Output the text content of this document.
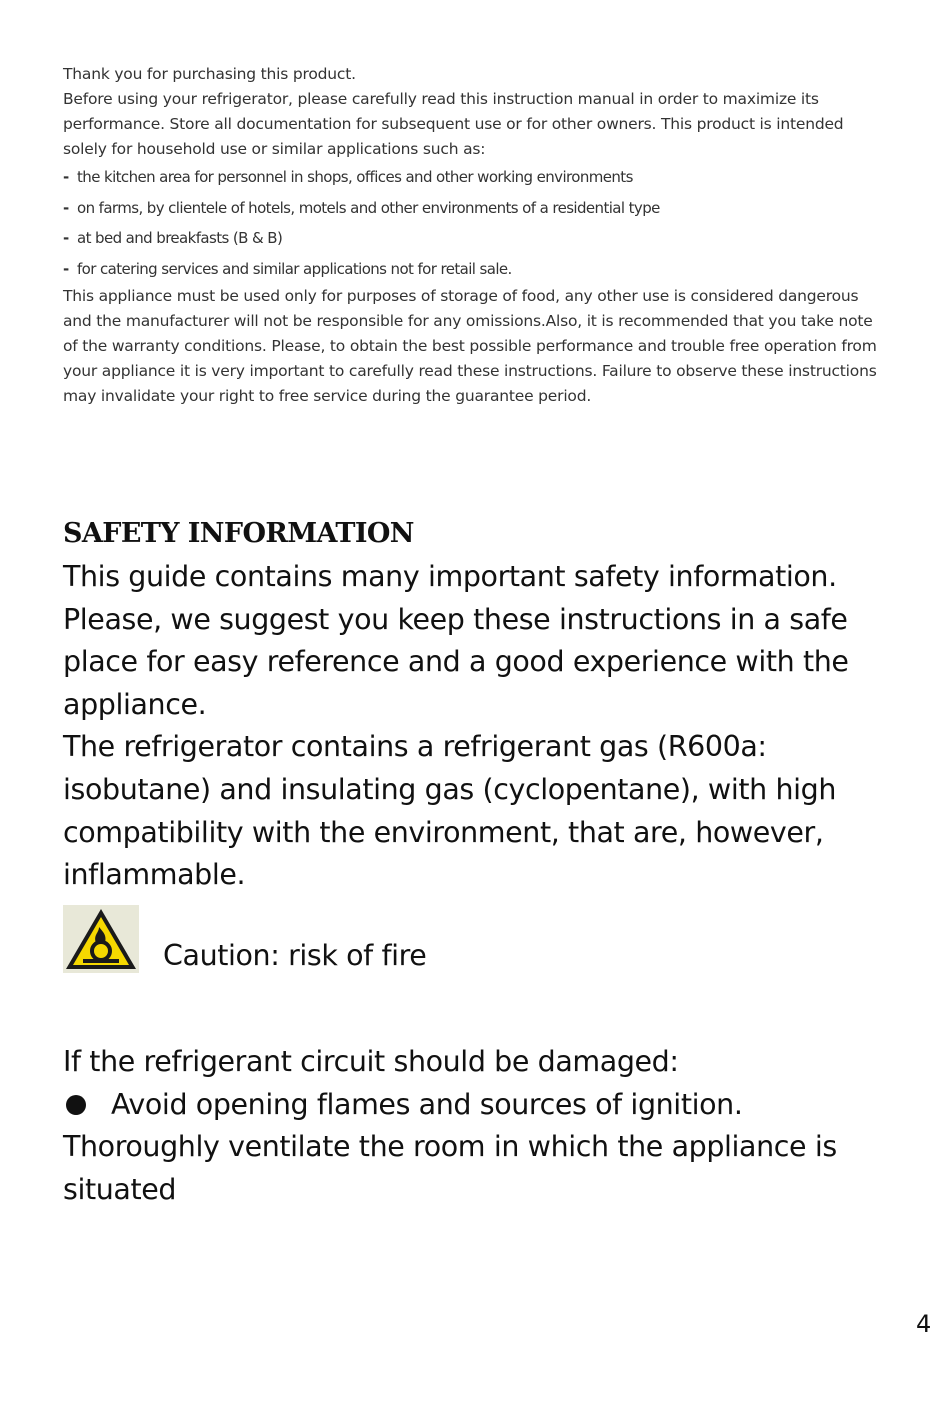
Thank you for purchasing this product.

Before using your refrigerator, please carefully read this instruction manual in order to maximize its performance. Store all documentation for subsequent use or for other owners. This product is intended solely for household use or similar applications such as:

- the kitchen area for personnel in shops, offices and other working environments
- on farms, by clientele of hotels, motels and other environments of a residential type
- at bed and breakfasts (B & B)
- for catering services and similar applications not for retail sale.

This appliance must be used only for purposes of storage of food, any other use is considered dangerous and the manufacturer will not be responsible for any omissions.Also, it is recommended that you take note of the warranty conditions. Please, to obtain the best possible performance and trouble free operation from your appliance it is very important to carefully read these instructions. Failure to observe these instructions may invalidate your right to free service during the guarantee period.

SAFETY INFORMATION

This guide contains many important safety information. Please, we suggest you keep these instructions in a safe place for easy reference and a good experience with the appliance.

The refrigerator contains a refrigerant gas (R600a: isobutane) and insulating gas (cyclopentane), with high compatibility with the environment, that are, however, inflammable.

Caution: risk of fire

If the refrigerant circuit should be damaged:

Avoid opening flames and sources of ignition.

Thoroughly ventilate the room in which the appliance is situated

4
